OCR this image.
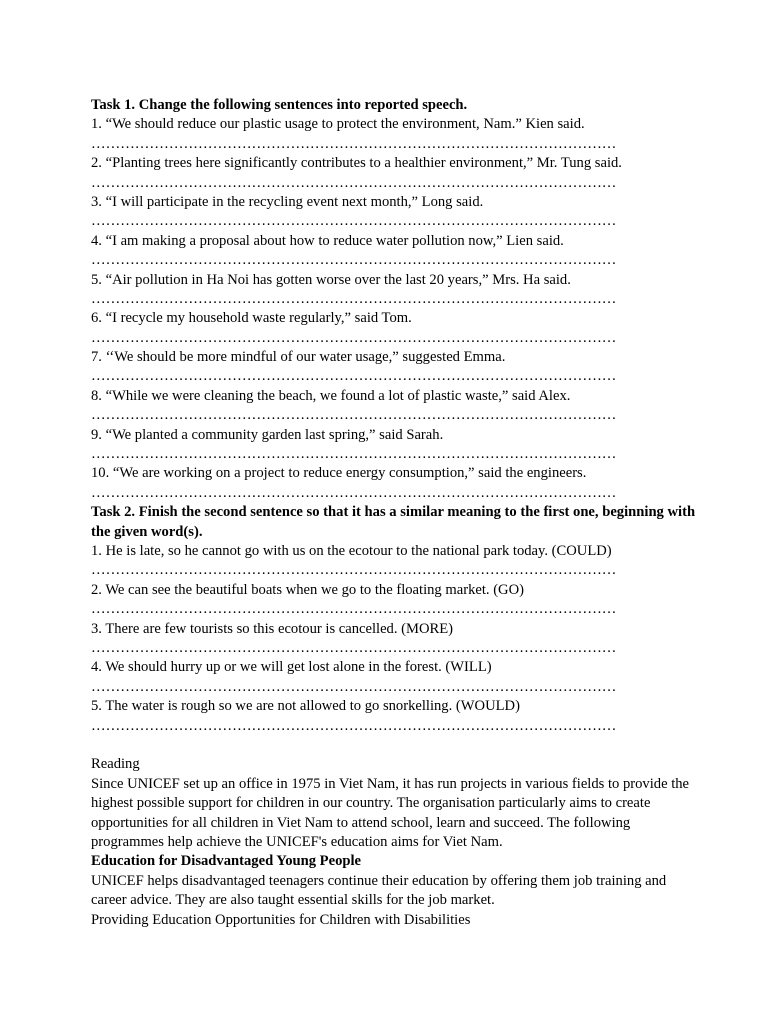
Task 1. Change the following sentences into reported speech.
1. “We should reduce our plastic usage to protect the environment, Nam.” Kien said.
………………………………………………………………………………………………
2. “Planting trees here significantly contributes to a healthier environment,” Mr. Tung said.
………………………………………………………………………………………………
3. “I will participate in the recycling event next month,” Long said.
………………………………………………………………………………………………
4. “I am making a proposal about how to reduce water pollution now,” Lien said.
………………………………………………………………………………………………
5. “Air pollution in Ha Noi has gotten worse over the last 20 years,” Mrs. Ha said.
………………………………………………………………………………………………
6. “I recycle my household waste regularly,” said Tom.
………………………………………………………………………………………………
7. ‘‘We should be more mindful of our water usage,” suggested Emma.
………………………………………………………………………………………………
8. “While we were cleaning the beach, we found a lot of plastic waste,” said Alex.
………………………………………………………………………………………………
9. “We planted a community garden last spring,” said Sarah.
………………………………………………………………………………………………
10. “We are working on a project to reduce energy consumption,” said the engineers.
………………………………………………………………………………………………
Task 2. Finish the second sentence so that it has a similar meaning to the first one, beginning with the given word(s).
1. He is late, so he cannot go with us on the ecotour to the national park today. (COULD)
………………………………………………………………………………………………
2. We can see the beautiful boats when we go to the floating market. (GO)
………………………………………………………………………………………………
3. There are few tourists so this ecotour is cancelled. (MORE)
………………………………………………………………………………………………
4. We should hurry up or we will get lost alone in the forest. (WILL)
………………………………………………………………………………………………
5. The water is rough so we are not allowed to go snorkelling. (WOULD)
………………………………………………………………………………………………
Reading
Since UNICEF set up an office in 1975 in Viet Nam, it has run projects in various fields to provide the highest possible support for children in our country. The organisation particularly aims to create opportunities for all children in Viet Nam to attend school, learn and succeed. The following programmes help achieve the UNICEF's education aims for Viet Nam.
Education for Disadvantaged Young People
UNICEF helps disadvantaged teenagers continue their education by offering them job training and career advice. They are also taught essential skills for the job market.
Providing Education Opportunities for Children with Disabilities
